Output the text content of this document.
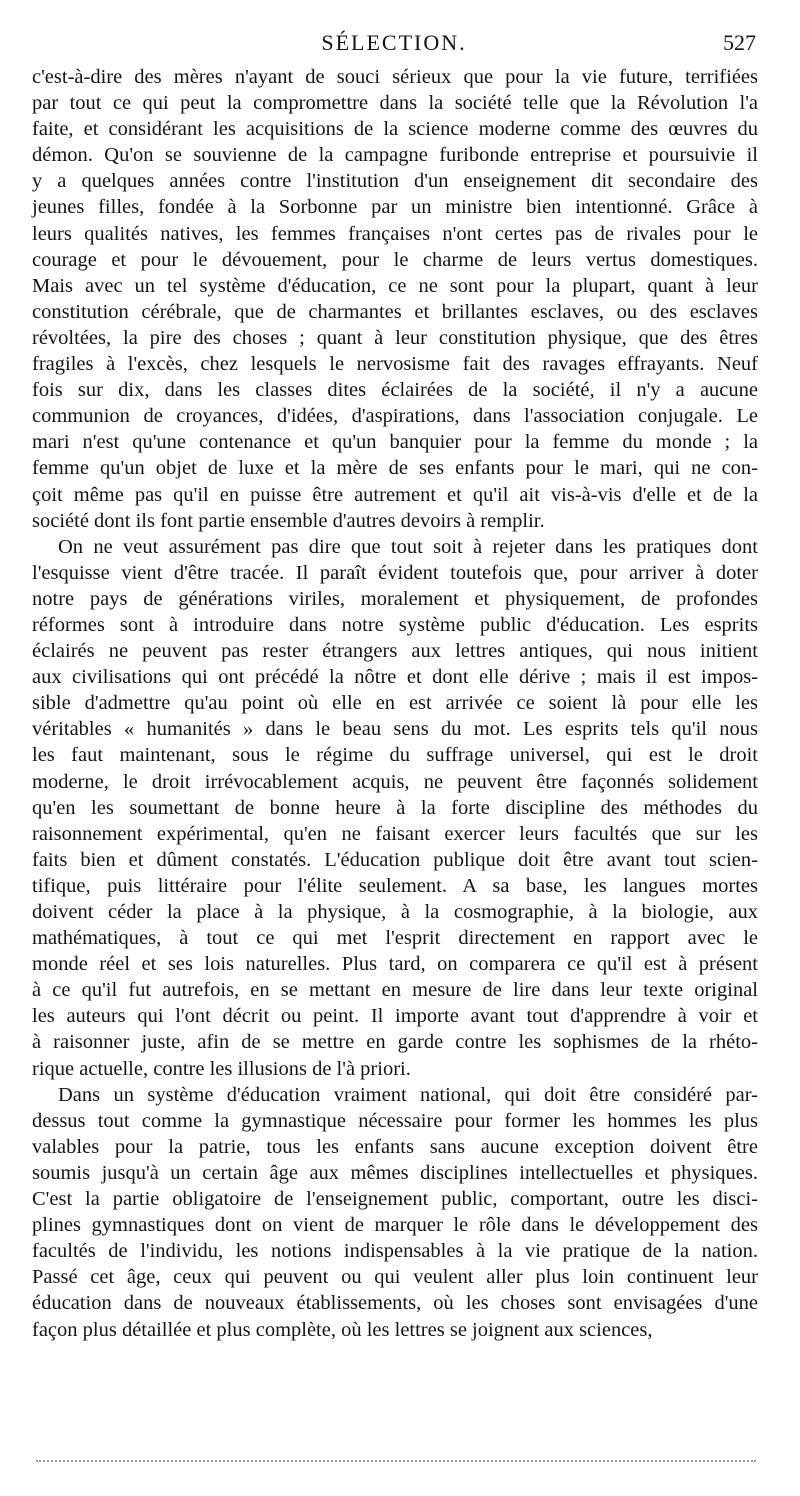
SÉLECTION.	527

c'est-à-dire des mères n'ayant de souci sérieux que pour la vie future, terrifiées
par tout ce qui peut la compromettre dans la société telle que la Révolution l'a
faite, et considérant les acquisitions de la science moderne comme des œuvres du
démon. Qu'on se souvienne de la campagne furibonde entreprise et poursuivie il
y a quelques années contre l'institution d'un enseignement dit secondaire des
jeunes filles, fondée à la Sorbonne par un ministre bien intentionné. Grâce à
leurs qualités natives, les femmes françaises n'ont certes pas de rivales pour le
courage et pour le dévouement, pour le charme de leurs vertus domestiques.
Mais avec un tel système d'éducation, ce ne sont pour la plupart, quant à leur
constitution cérébrale, que de charmantes et brillantes esclaves, ou des esclaves
révoltées, la pire des choses ; quant à leur constitution physique, que des êtres
fragiles à l'excès, chez lesquels le nervosisme fait des ravages effrayants. Neuf
fois sur dix, dans les classes dites éclairées de la société, il n'y a aucune
communion de croyances, d'idées, d'aspirations, dans l'association conjugale. Le
mari n'est qu'une contenance et qu'un banquier pour la femme du monde ; la
femme qu'un objet de luxe et la mère de ses enfants pour le mari, qui ne con-
çoit même pas qu'il en puisse être autrement et qu'il ait vis-à-vis d'elle et de la
société dont ils font partie ensemble d'autres devoirs à remplir.

On ne veut assurément pas dire que tout soit à rejeter dans les pratiques dont
l'esquisse vient d'être tracée. Il paraît évident toutefois que, pour arriver à doter
notre pays de générations viriles, moralement et physiquement, de profondes
réformes sont à introduire dans notre système public d'éducation. Les esprits
éclairés ne peuvent pas rester étrangers aux lettres antiques, qui nous initient
aux civilisations qui ont précédé la nôtre et dont elle dérive ; mais il est impos-
sible d'admettre qu'au point où elle en est arrivée ce soient là pour elle les
véritables « humanités » dans le beau sens du mot. Les esprits tels qu'il nous
les faut maintenant, sous le régime du suffrage universel, qui est le droit
moderne, le droit irrévocablement acquis, ne peuvent être façonnés solidement
qu'en les soumettant de bonne heure à la forte discipline des méthodes du
raisonnement expérimental, qu'en ne faisant exercer leurs facultés que sur les
faits bien et dûment constatés. L'éducation publique doit être avant tout scien-
tifique, puis littéraire pour l'élite seulement. A sa base, les langues mortes
doivent céder la place à la physique, à la cosmographie, à la biologie, aux
mathématiques, à tout ce qui met l'esprit directement en rapport avec le
monde réel et ses lois naturelles. Plus tard, on comparera ce qu'il est à présent
à ce qu'il fut autrefois, en se mettant en mesure de lire dans leur texte original
les auteurs qui l'ont décrit ou peint. Il importe avant tout d'apprendre à voir et
à raisonner juste, afin de se mettre en garde contre les sophismes de la rhéto-
rique actuelle, contre les illusions de l'à priori.

Dans un système d'éducation vraiment national, qui doit être considéré par-
dessus tout comme la gymnastique nécessaire pour former les hommes les plus
valables pour la patrie, tous les enfants sans aucune exception doivent être
soumis jusqu'à un certain âge aux mêmes disciplines intellectuelles et physiques.
C'est la partie obligatoire de l'enseignement public, comportant, outre les disci-
plines gymnastiques dont on vient de marquer le rôle dans le développement des
facultés de l'individu, les notions indispensables à la vie pratique de la nation.
Passé cet âge, ceux qui peuvent ou qui veulent aller plus loin continuent leur
éducation dans de nouveaux établissements, où les choses sont envisagées d'une
façon plus détaillée et plus complète, où les lettres se joignent aux sciences,
